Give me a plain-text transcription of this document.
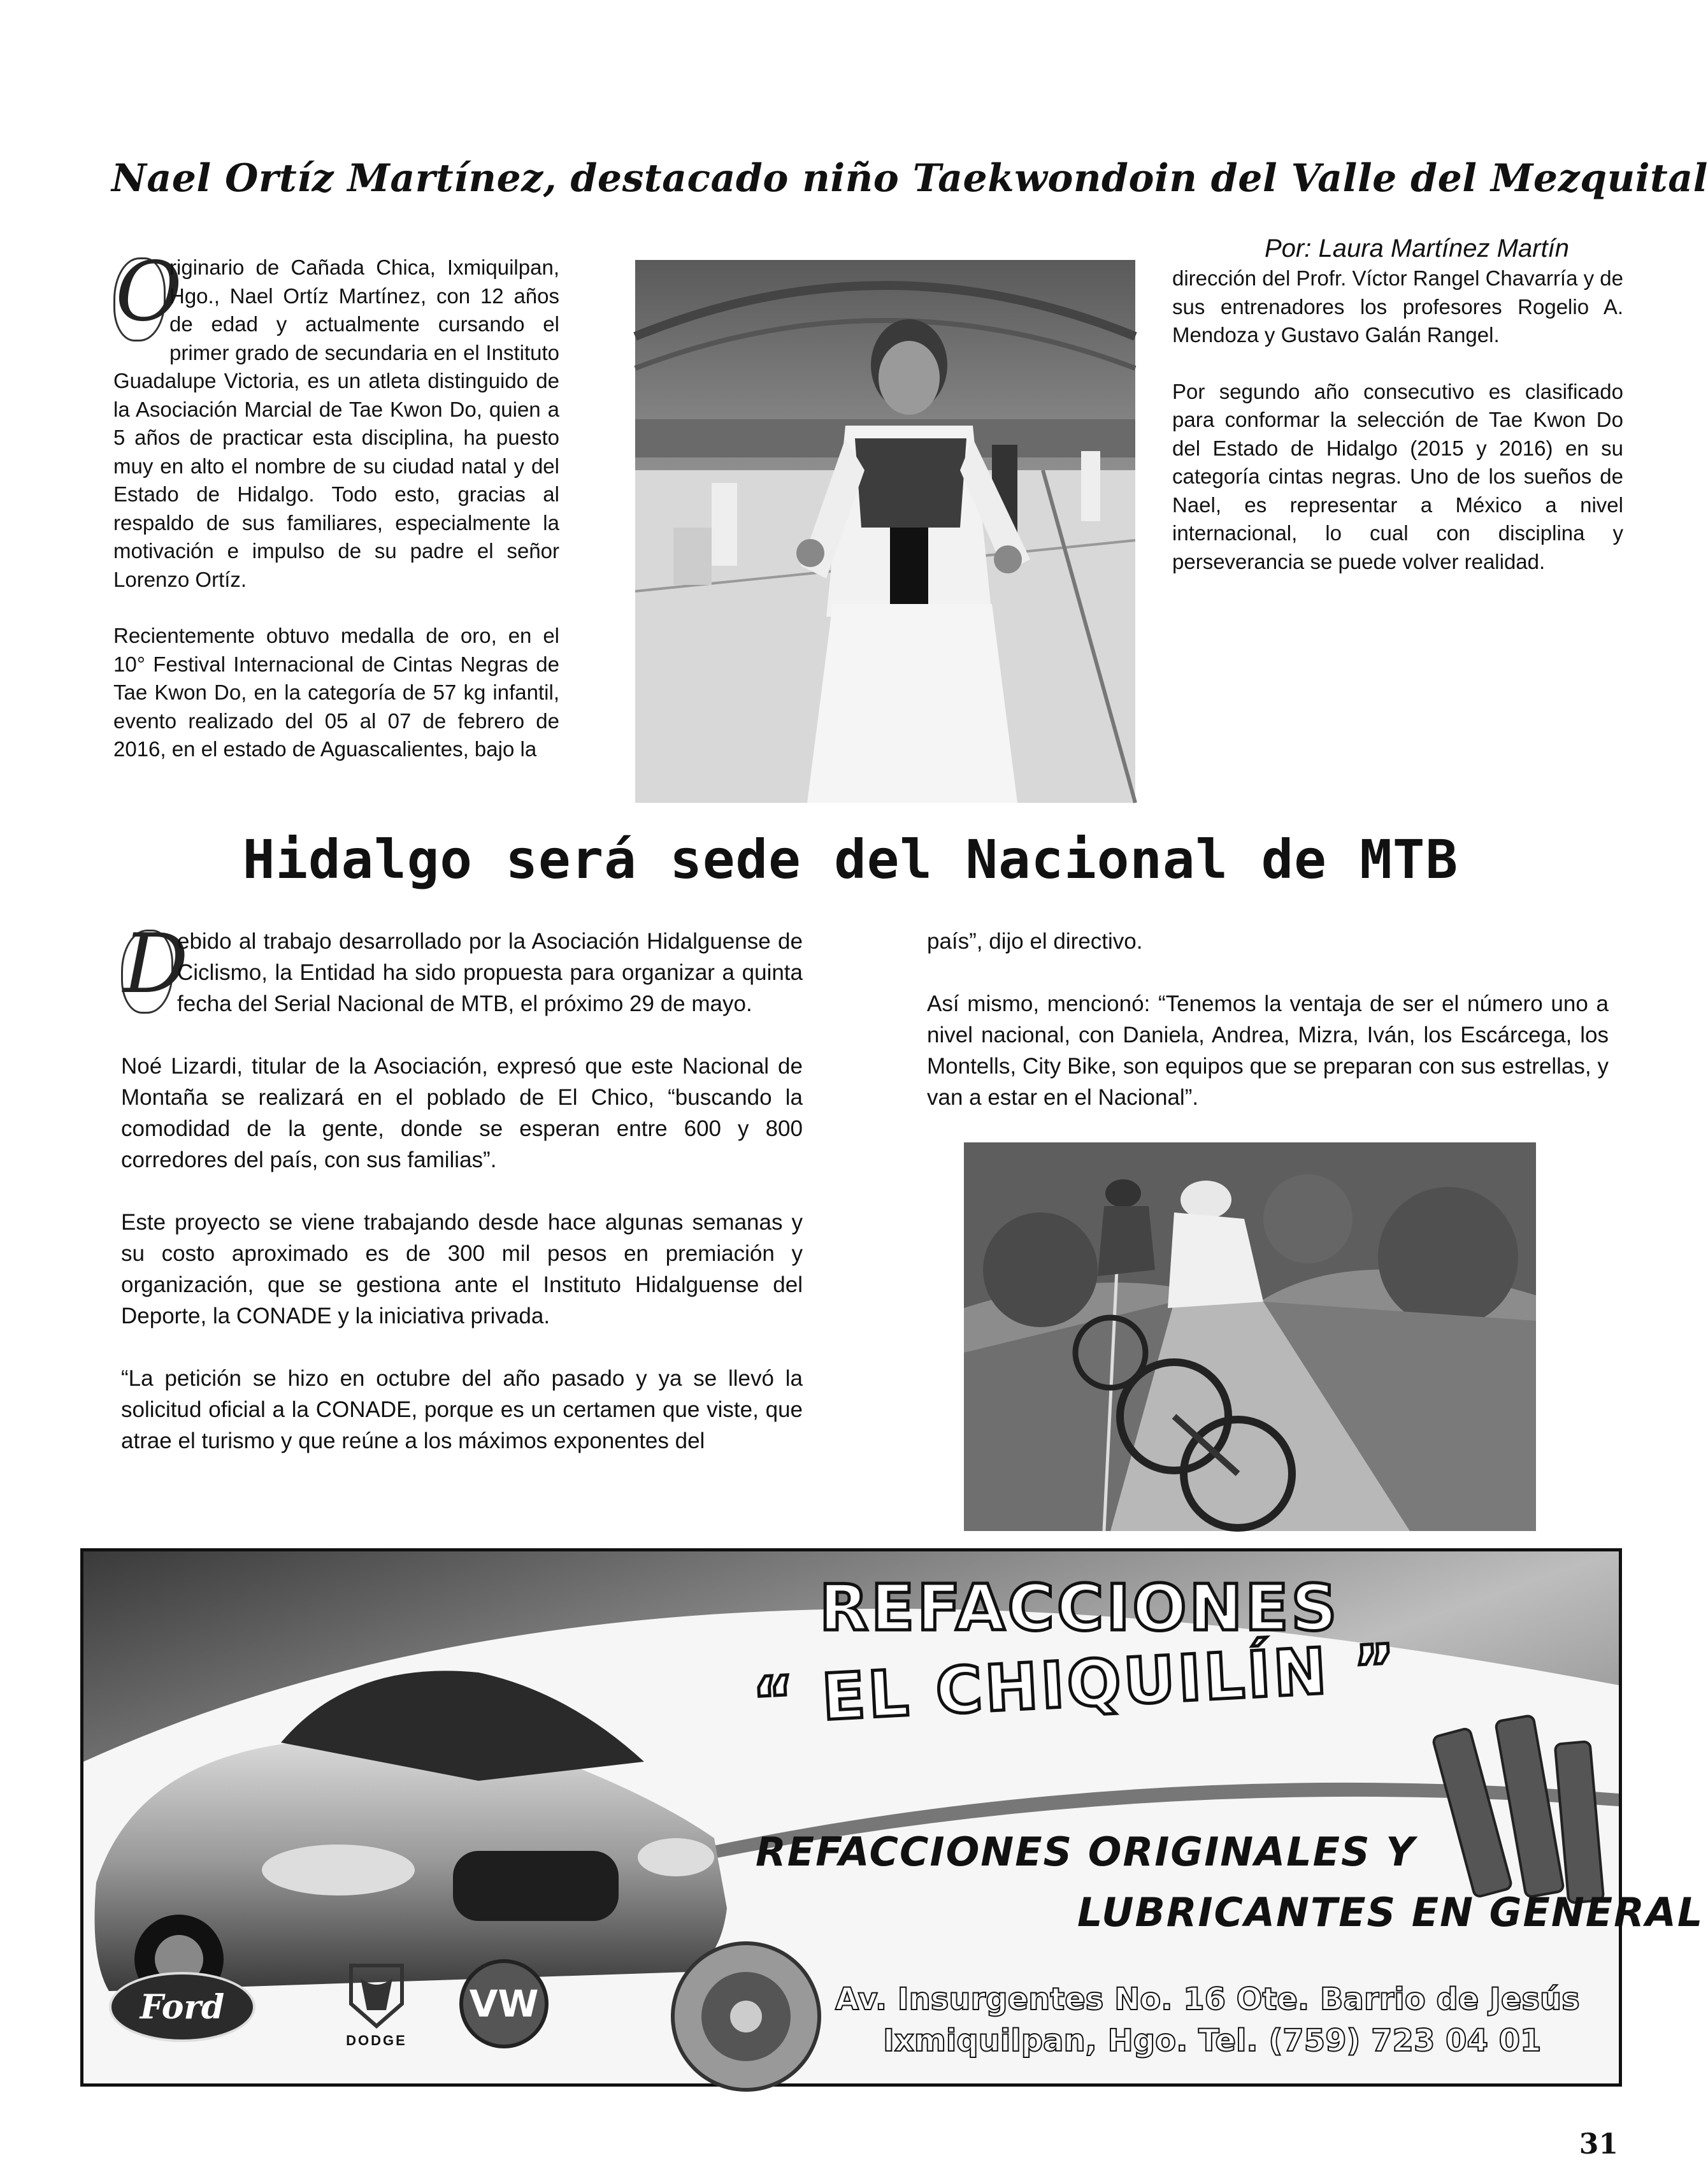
Nael Ortíz Martínez, destacado niño Taekwondoin del Valle del Mezquital
Por: Laura Martínez Martín

O
riginario de Cañada Chica, Ixmiquilpan, Hgo., Nael Ortíz Martínez, con 12 años de edad y actualmente cursando el primer grado de secundaria en el Instituto Guadalupe Victoria, es un atleta distinguido de la Asociación Marcial de Tae Kwon Do, quien a 5 años de practicar esta disciplina, ha puesto muy en alto el nombre de su ciudad natal y del Estado de Hidalgo. Todo esto, gracias al respaldo de sus familiares, especialmente la motivación e impulso de su padre el señor Lorenzo Ortíz.

Recientemente obtuvo medalla de oro, en el 10° Festival Internacional de Cintas Negras de Tae Kwon Do, en la categoría de 57 kg infantil, evento realizado del 05 al 07 de febrero de 2016, en el estado de Aguascalientes, bajo la

dirección del Profr. Víctor Rangel Chavarría y de sus entrenadores los profesores Rogelio A. Mendoza y Gustavo Galán Rangel.

Por segundo año consecutivo es clasificado para conformar la selección de Tae Kwon Do del Estado de Hidalgo (2015 y 2016) en su categoría cintas negras. Uno de los sueños de Nael, es representar a México a nivel internacional, lo cual con disciplina y perseverancia se puede volver realidad.

Hidalgo será sede del Nacional de MTB

D
ebido al trabajo desarrollado por la Asociación Hidalguense de Ciclismo, la Entidad ha sido propuesta para organizar a quinta fecha del Serial Nacional de MTB, el próximo 29 de mayo.

Noé Lizardi, titular de la Asociación, expresó que este Nacional de Montaña se realizará en el poblado de El Chico, “buscando la comodidad de la gente, donde se esperan entre 600 y 800 corredores del país, con sus familias”.

Este proyecto se viene trabajando desde hace algunas semanas y su costo aproximado es de 300 mil pesos en premiación y organización, que se gestiona ante el Instituto Hidalguense del Deporte, la CONADE y la iniciativa privada.

“La petición se hizo en octubre del año pasado y ya se llevó la solicitud oficial a la CONADE, porque es un certamen que viste, que atrae el turismo y que reúne a los máximos exponentes del

país”, dijo el directivo.

Así mismo, mencionó: “Tenemos la ventaja de ser el número uno a nivel nacional, con Daniela, Andrea, Mizra, Iván, los Escárcega, los Montells, City Bike, son equipos que se preparan con sus estrellas, y van a estar en el Nacional”.

Ford
DODGE
VW
REFACCIONES
“ EL CHIQUILÍN ”
REFACCIONES ORIGINALES Y
LUBRICANTES EN GENERAL
Av. Insurgentes No. 16 Ote. Barrio de Jesús
Ixmiquilpan, Hgo. Tel. (759) 723 04 01
31
